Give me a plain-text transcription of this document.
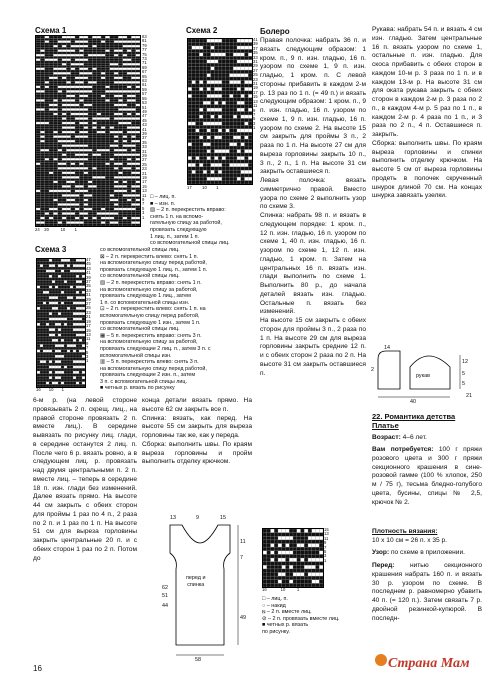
Схема 1
83
81
79
77
75
73
71
69
67
65
63
61
59
57
55
53
51
49
47
45
43
41
39
37
35
33
31
29
27
25
23
21
19
17
15
13
11
9
7
5
3
1
24    20          10        1
Схема 2
41
39
37
35
33
31
29
27
25
23
21
19
17
15
13
11
9
7
5
3
1
17         10        1
□ – лиц. п.
■ – изн. п.
▨ – 2 п. перекрестить вправо:
снять 1 п. на вспомо-
гательную спицу за работой,
провязать следующую
1 лиц. п., затем 1 п.
со вспомогательной спицы лиц.
Схема 3
47
45
43
41
39
37
35
33
31
29
27
25
23
21
19
17
15
13
11
9
7
5
3
1
16       10       1
со вспомогательной спицы лиц.
⊠ – 2 п. перекрестить влево: снять 1 п.
на вспомогательную спицу перед работой,
провязать следующую 1 лиц. п., затем 1 п.
со вспомогательной спицы лиц.
▨ – 2 п. перекрестить вправо: снять 1 п.
на вспомогательную спицу за работой,
провязать следующую 1 лиц., затем
1 п. со вспомогательной спицы изн.
⊡ – 2 п. перекрестить влево: снять 1 п. на
вспомогательную спицу перед работой,
провязать следующую 1 изн., затем 1 п.
со вспомогательной спицы лиц.
▦ – 5 п. перекрестить вправо: снять 3 п.
на вспомогательную спицу за работой,
провязать следующие 2 лиц. п., затем 3 п. с
вспомогательной спицы изн.
▥ – 5 п. перекрестить влево: снять 3 п.
на вспомогательную спицу перед работой,
провязать следующие 2 изн. п., затем
3 п. с вспомогательной спицы лиц.
■ четных р. вязать по рисунку
6-м р. (на левой стороне провязывать 2 п. скрещ. лиц., на правой стороне провязать 2 п. вместе лиц.). В середине вывязать по рисунку лиц. глади, в середине останутся 2 лиц. п. После чего 6 р. вязать ровно, а в следующем лиц. р. провязать над двумя центральными п. 2 п. вместе лиц. – теперь в середине 18 п. изн. глади без изменений. Далее вязать прямо. На высоте 44 см закрыть с обеих сторон для проймы 1 раз по 4 п., 2 раза по 2 п. и 1 раз по 1 п. На высоте 51 см для выреза горловины закрыть центральные 20 п. и с обеих сторон 1 раз по 2 п. Потом до
конца детали вязать прямо. На высоте 62 см закрыть все п.
Спинка: вязать, как перед. На высоте 55 см закрыть для выреза горловины так же, как у переда.
Сборка: выполнить швы. По краям выреза горловины и пройм выполнить отделку крючком.
13	9	15
перед и
спинка
44
51
62
49
7
11
58
15
13
11
9
7
5
3
1
16            10          1
□ – лиц. п.
○ – накид
⧅ – 2 п. вместе лиц.
⊘ – 2 п. провязать вместе лиц.
■ четных р. вязать
по рисунку.
Болеро
Правая полочка: набрать 36 п. и вязать следующим образом: 1 кром. п., 9 п. изн. гладью, 16 п. узором по схеме 1, 9 п. изн. гладью, 1 кром. п. С левой стороны прибавить в каждом 2-м р. 13 раз по 1 п. (= 49 п.) и вязать следующим образом: 1 кром. п., 9 п. изн. гладью, 16 п. узором по схеме 1, 9 п. изн. гладью, 16 п. узором по схеме 2. На высоте 15 см закрыть для проймы 3 п., 2 раза по 1 п. На высоте 27 см для выреза горловины закрыть 10 п., 3 п., 2 п., 1 п. На высоте 31 см закрыть оставшиеся п.
Левая полочка: вязать симметрично правой. Вместо узора по схеме 2 выполнить узор по схеме 3.
Спинка: набрать 98 п. и вязать в следующем порядке: 1 кром. п., 12 п. изн. гладью, 16 п. узором по схеме 1, 40 п. изн. гладью, 16 п. узором по схеме 1, 12 п. изн. гладью, 1 кром. п. Затем на центральных 16 п. вязать изн. глади выполнить по схеме 1. Выполнить 80 р., до начала деталей вязать изн. гладью. Остальные п. вязать без изменений.
На высоте 15 см закрыть с обеих сторон для проймы 3 п., 2 раза по 1 п. На высоте 29 см для выреза горловины закрыть средние 12 п. и с обеих сторон 2 раза по 2 п. На высоте 31 см закрыть оставшиеся п.
Рукава: набрать 54 п. и вязать 4 см изн. гладью. Затем центральные 16 п. вязать узором по схеме 1, остальные п. изн. гладью. Для скоса прибавить с обеих сторон в каждом 10-м р. 3 раза по 1 п. и в каждом 13-м р. На высоте 31 см для оката рукава закрыть с обеих сторон в каждом 2-м р. 3 раза по 2 п., в каждом 4-м р. 5 раз по 1 п., в каждом 2-м р. 4 раза по 1 п., и 3 раза по 2 п., 4 п. Оставшиеся п. закрыть.
Сборка: выполнить швы. По краям выреза горловины и спинки выполнить отделку крючком. На высоте 5 см от выреза горловины продеть в полочек скрученный шнурок длиной 70 см. На концах шнурка завязать узелки.
14
2
рукав
12
5
5
40
21
22. Романтика детства
Платье
Возраст: 4–6 лет.
Вам потребуется: 100 г пряжи розового цвета и 300 г пряжи секционного крашения в сине-розовой гамме (100 % хлопок, 250 м / 75 г), тесьма бледно-голубого цвета, бусины, спицы № 2,5, крючок № 2.
Плотность вязания:
10 x 10 см = 26 п. x 35 р.
Узор: по схеме в приложении.
Перед: нитью секционного крашения набрать 160 п. и вязать 30 р. узором по схеме. В последнем р. равномерно убавить 40 п. (= 120 п.). Затем связать 7 р. двойной резинкой-купюрой. В последн-
16	Страна Мам
